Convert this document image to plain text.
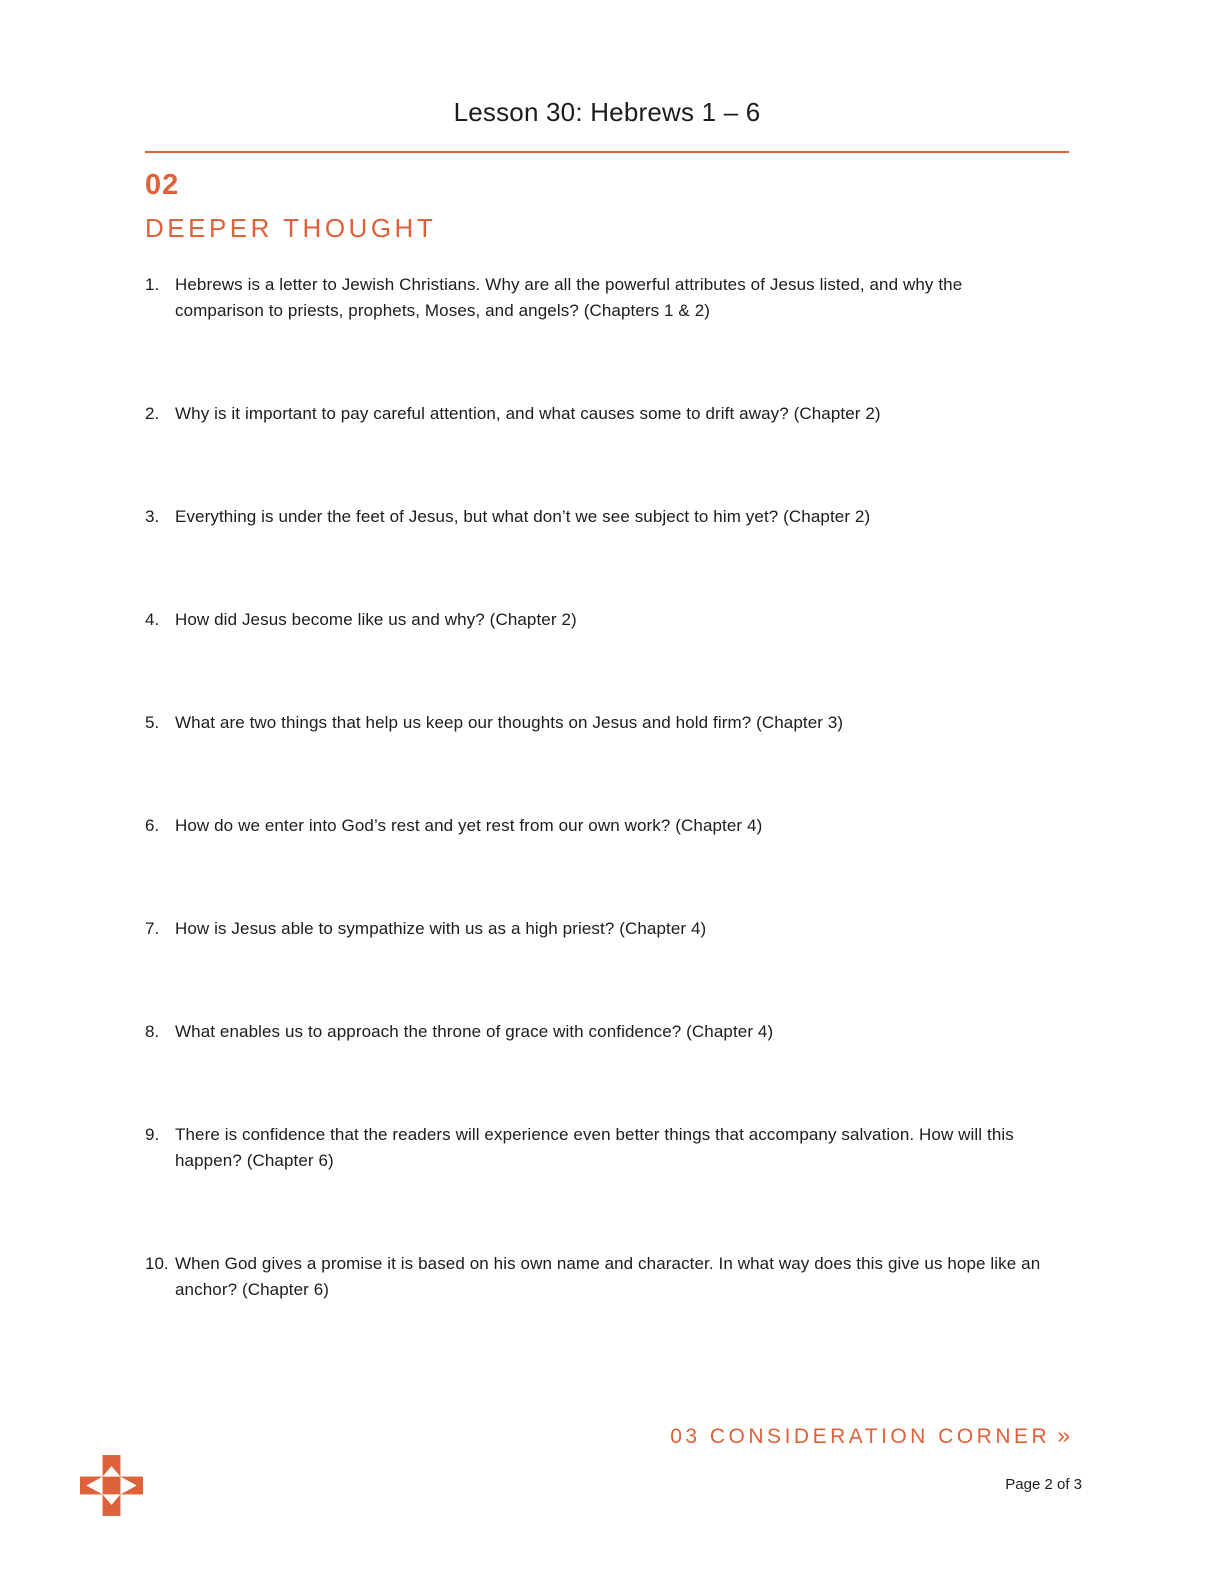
Lesson 30: Hebrews 1 – 6
02
DEEPER THOUGHT
1. Hebrews is a letter to Jewish Christians. Why are all the powerful attributes of Jesus listed, and why the comparison to priests, prophets, Moses, and angels? (Chapters 1 & 2)
2. Why is it important to pay careful attention, and what causes some to drift away? (Chapter 2)
3. Everything is under the feet of Jesus, but what don’t we see subject to him yet? (Chapter 2)
4. How did Jesus become like us and why? (Chapter 2)
5. What are two things that help us keep our thoughts on Jesus and hold firm? (Chapter 3)
6. How do we enter into God’s rest and yet rest from our own work? (Chapter 4)
7. How is Jesus able to sympathize with us as a high priest? (Chapter 4)
8. What enables us to approach the throne of grace with confidence? (Chapter 4)
9. There is confidence that the readers will experience even better things that accompany salvation. How will this happen? (Chapter 6)
10. When God gives a promise it is based on his own name and character. In what way does this give us hope like an anchor? (Chapter 6)
03 CONSIDERATION CORNER »
Page 2 of 3
